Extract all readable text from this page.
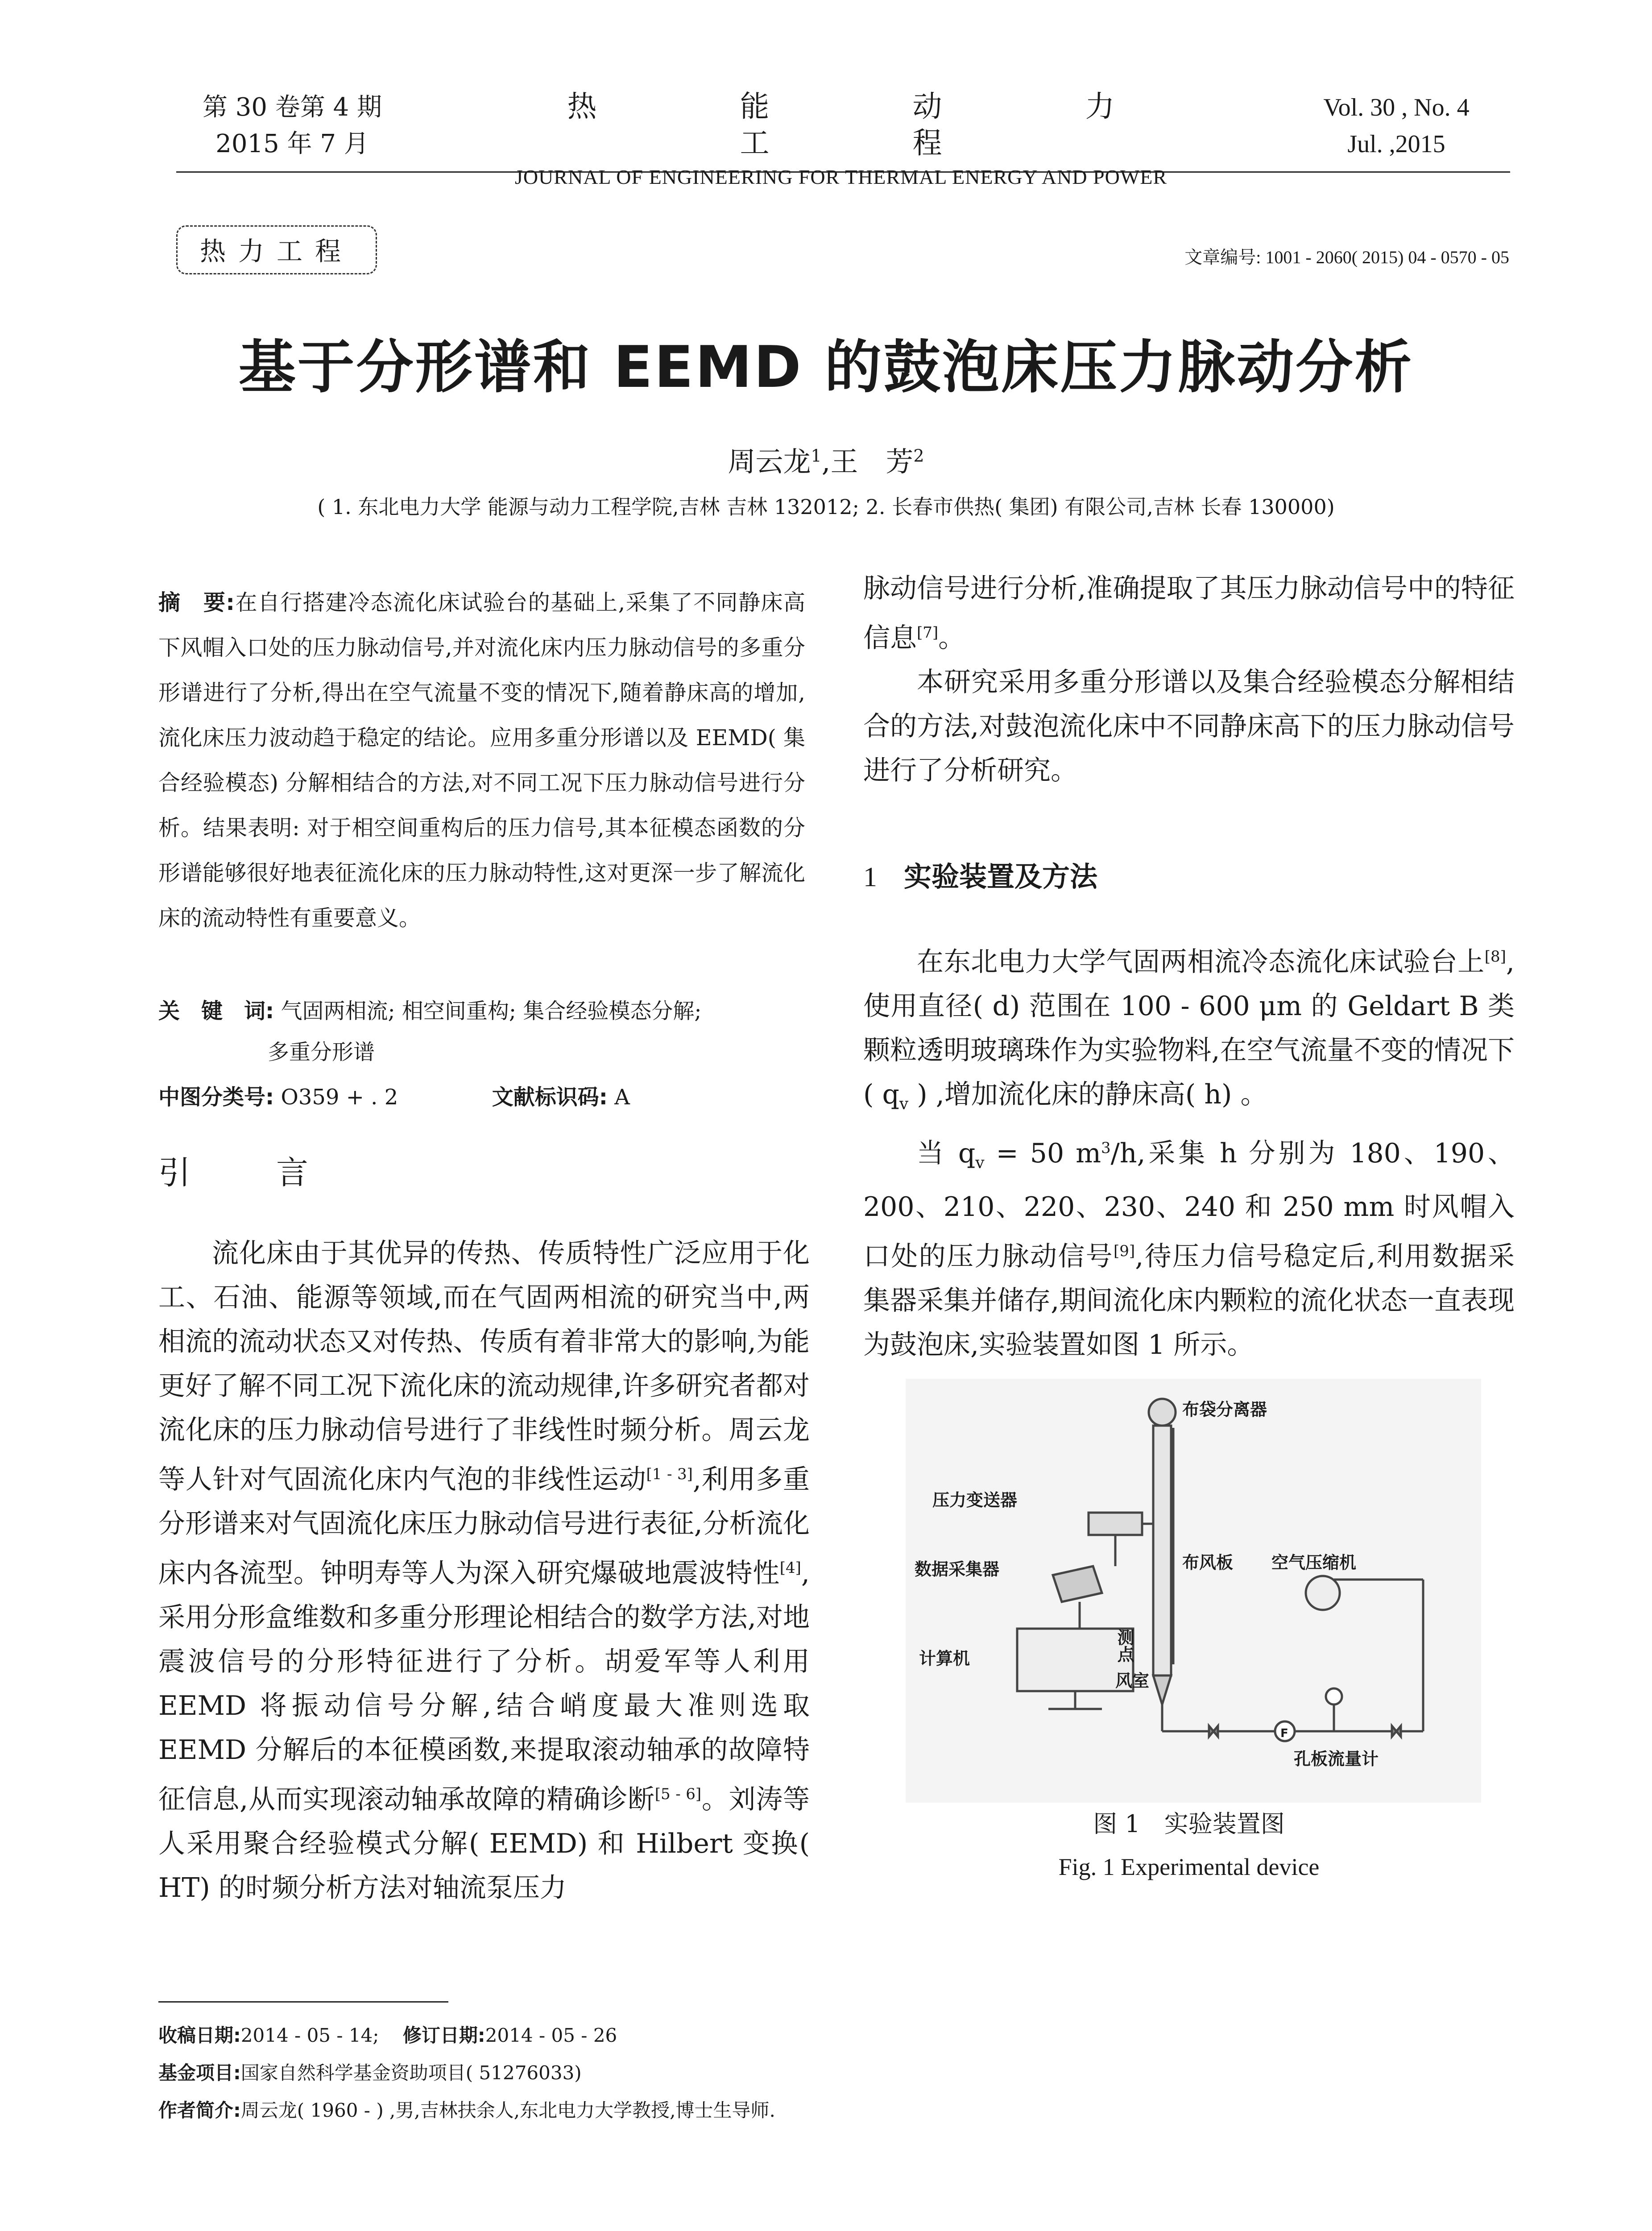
第 30 卷第 4 期
2015 年 7 月
热 能 动 力 工 程
JOURNAL OF ENGINEERING FOR THERMAL ENERGY AND POWER
Vol. 30 , No. 4
Jul. ,2015
热力工程	文章编号: 1001 - 2060( 2015) 04 - 0570 - 05
基于分形谱和 EEMD 的鼓泡床压力脉动分析
周云龙$^1$,王　芳$^2$
( 1. 东北电力大学 能源与动力工程学院,吉林 吉林 132012; 2. 长春市供热( 集团) 有限公司,吉林 长春 130000)

摘　要:在自行搭建冷态流化床试验台的基础上,采集了不同静床高下风帽入口处的压力脉动信号,并对流化床内压力脉动信号的多重分形谱进行了分析,得出在空气流量不变的情况下,随着静床高的增加,流化床压力波动趋于稳定的结论。应用多重分形谱以及 EEMD( 集合经验模态) 分解相结合的方法,对不同工况下压力脉动信号进行分析。结果表明: 对于相空间重构后的压力信号,其本征模态函数的分形谱能够很好地表征流化床的压力脉动特性,这对更深一步了解流化床的流动特性有重要意义。

关　键　词: 气固两相流; 相空间重构; 集合经验模态分解;
多重分形谱
中图分类号: O359 + . 2	文献标识码: A
引　言

流化床由于其优异的传热、传质特性广泛应用于化工、石油、能源等领域,而在气固两相流的研究当中,两相流的流动状态又对传热、传质有着非常大的影响,为能更好了解不同工况下流化床的流动规律,许多研究者都对流化床的压力脉动信号进行了非线性时频分析。周云龙等人针对气固流化床内气泡的非线性运动[1 - 3],利用多重分形谱来对气固流化床压力脉动信号进行表征,分析流化床内各流型。钟明寿等人为深入研究爆破地震波特性[4],采用分形盒维数和多重分形理论相结合的数学方法,对地震波信号的分形特征进行了分析。胡爱军等人利用 EEMD 将振动信号分解,结合峭度最大准则选取 EEMD 分解后的本征模函数,来提取滚动轴承的故障特征信息,从而实现滚动轴承故障的精确诊断[5 - 6]。刘涛等人采用聚合经验模式分解( EEMD) 和 Hilbert 变换( HT) 的时频分析方法对轴流泵压力

脉动信号进行分析,准确提取了其压力脉动信号中的特征信息[7]。

本研究采用多重分形谱以及集合经验模态分解相结合的方法,对鼓泡流化床中不同静床高下的压力脉动信号进行了分析研究。

1 实验装置及方法

在东北电力大学气固两相流冷态流化床试验台上[8],使用直径( d) 范围在 100 - 600 μm 的 Geldart B 类颗粒透明玻璃珠作为实验物料,在空气流量不变的情况下( $q_v$ ) ,增加流化床的静床高( h) 。

当 $q_v = 50$ $m^3/h$,采集 h 分别为 180、190、200、210、220、230、240 和 250 mm 时风帽入口处的压力脉动信号[9],待压力信号稳定后,利用数据采集器采集并储存,期间流化床内颗粒的流化状态一直表现为鼓泡床,实验装置如图 1 所示。

布袋分离器
压力变送器
数据采集器	布风板 空气压缩机
测点
计算机
风室
孔板流量计
F
图 1　实验装置图
Fig. 1 Experimental device
收稿日期:2014 - 05 - 14; 修订日期:2014 - 05 - 26
基金项目:国家自然科学基金资助项目( 51276033)
作者简介:周云龙( 1960 - ) ,男,吉林扶余人,东北电力大学教授,博士生导师.
